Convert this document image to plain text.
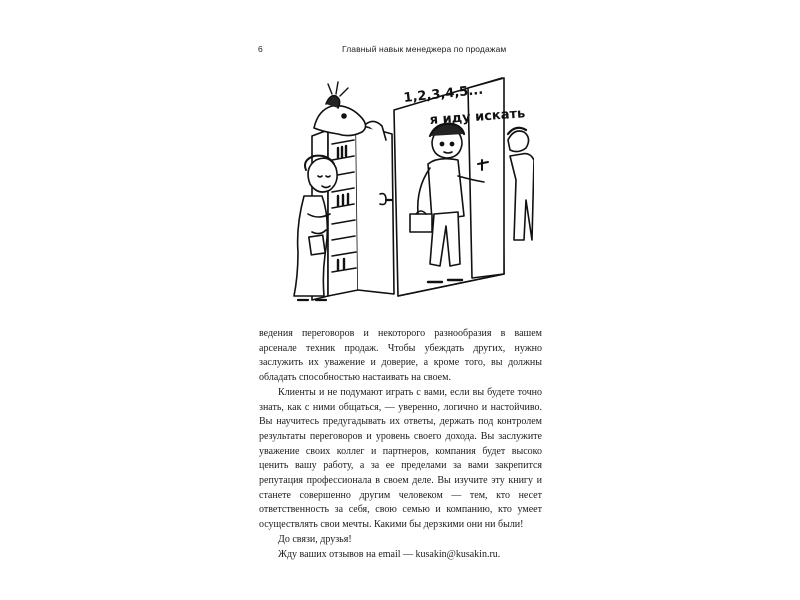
6	Главный навык менеджера по продажам
1,2,3,4,5...
я иду искать

ведения переговоров и некоторого разнообразия в вашем арсенале техник продаж. Чтобы убеждать других, нужно заслужить их уважение и доверие, а кроме того, вы должны обладать способностью настаивать на своем.

Клиенты и не подумают играть с вами, если вы будете точно знать, как с ними общаться, — уверенно, логично и настойчиво. Вы научитесь предугадывать их ответы, держать под контролем результаты переговоров и уровень своего дохода. Вы заслужите уважение своих коллег и партнеров, компания будет высоко ценить вашу работу, а за ее пределами за вами закрепится репутация профессионала в своем деле. Вы изучите эту книгу и станете совершенно другим человеком — тем, кто несет ответственность за себя, свою семью и компанию, кто умеет осуществлять свои мечты. Какими бы дерзкими они ни были!

До связи, друзья!

Жду ваших отзывов на email — kusakin@kusakin.ru.
